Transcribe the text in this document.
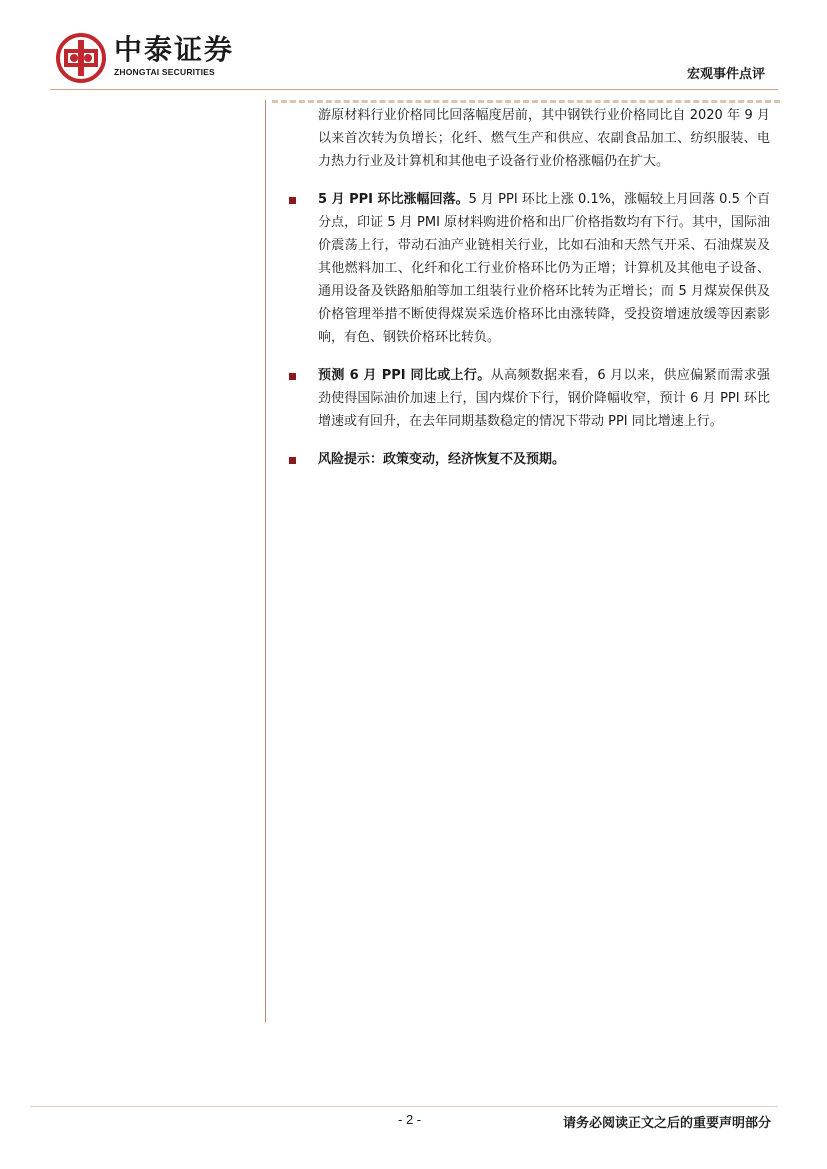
中泰证券
ZHONGTAI SECURITIES	宏观事件点评

游原材料行业价格同比回落幅度居前，其中钢铁行业价格同比自 2020 年 9 月以来首次转为负增长；化纤、燃气生产和供应、农副食品加工、纺织服装、电力热力行业及计算机和其他电子设备行业价格涨幅仍在扩大。

5 月 PPI 环比涨幅回落。5 月 PPI 环比上涨 0.1%，涨幅较上月回落 0.5 个百分点，印证 5 月 PMI 原材料购进价格和出厂价格指数均有下行。其中，国际油价震荡上行，带动石油产业链相关行业，比如石油和天然气开采、石油煤炭及其他燃料加工、化纤和化工行业价格环比仍为正增；计算机及其他电子设备、通用设备及铁路船舶等加工组装行业价格环比转为正增长；而 5 月煤炭保供及价格管理举措不断使得煤炭采选价格环比由涨转降，受投资增速放缓等因素影响，有色、钢铁价格环比转负。

预测 6 月 PPI 同比或上行。从高频数据来看，6 月以来，供应偏紧而需求强劲使得国际油价加速上行，国内煤价下行，钢价降幅收窄，预计 6 月 PPI 环比增速或有回升，在去年同期基数稳定的情况下带动 PPI 同比增速上行。

风险提示：政策变动，经济恢复不及预期。

- 2 -	请务必阅读正文之后的重要声明部分
